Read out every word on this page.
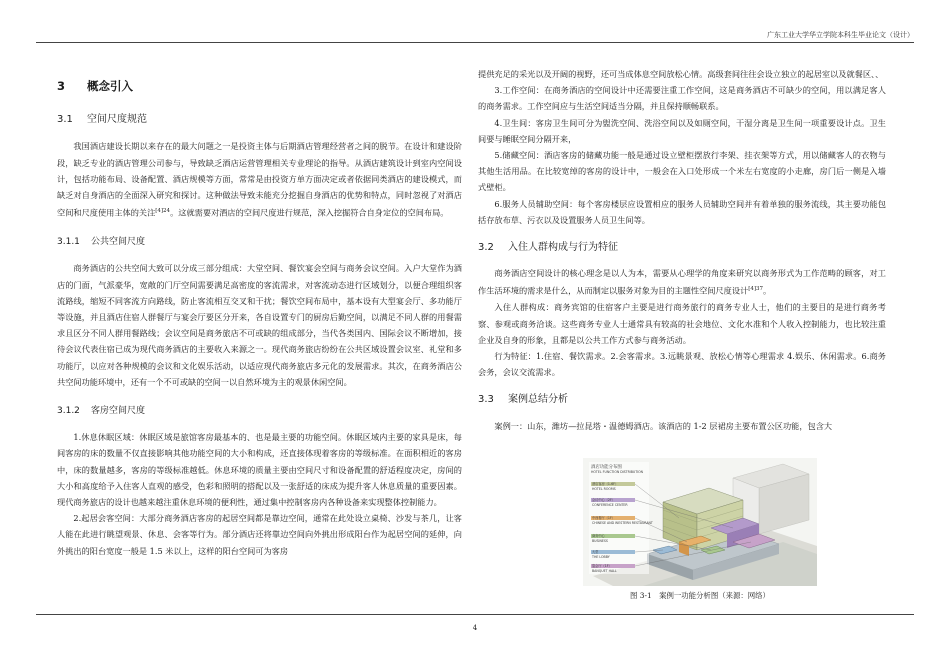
广东工业大学华立学院本科生毕业论文（设计）
3 概念引入
3.1 空间尺度规范

我国酒店建设长期以来存在的最大问题之一是投资主体与后期酒店管理经营者之间的脱节。在设计和建设阶段，缺乏专业的酒店管理公司参与，导致缺乏酒店运营管理相关专业理论的指导。从酒店建筑设计到室内空间设计，包括功能布局、设备配置、酒店规模等方面，常常是由投资方单方面决定或者依据同类酒店的建设模式，而缺乏对自身酒店的全面深入研究和探讨。这种做法导致未能充分挖掘自身酒店的优势和特点，同时忽视了对酒店空间和尺度使用主体的关注$^{[4]24}$。这就需要对酒店的空间尺度进行规范，深入挖掘符合自身定位的空间布局。

3.1.1 公共空间尺度

商务酒店的公共空间大致可以分成三部分组成：大堂空间、餐饮宴会空间与商务会议空间。入户大堂作为酒店的门面，气派豪华，宽敞的门厅空间需要满足高密度的客流需求，对客流动态进行区域划分，以便合理组织客流路线，缩短不同客流方向路线，防止客流相互交叉和干扰；餐饮空间布局中，基本设有大型宴会厅、多功能厅等设施，并且酒店住宿人群餐厅与宴会厅要区分开来，各自设置专门的厨房后勤空间，以满足不同人群的用餐需求且区分不同人群用餐路线；会议空间是商务旅店不可或缺的组成部分，当代各类国内、国际会议不断增加，接待会议代表住宿已成为现代商务酒店的主要收入来源之一。现代商务旅店纷纷在公共区域设置会议室、礼堂和多功能厅，以应对各种规模的会议和文化娱乐活动，以适应现代商务旅店多元化的发展需求。其次，在商务酒店公共空间功能环境中，还有一个不可或缺的空间一以自然环境为主的观景休闲空间。

3.1.2 客房空间尺度

1.休息休眠区域：休眠区域是旅馆客房最基本的、也是最主要的功能空间。休眠区域内主要的家具是床，每间客房的床的数量不仅直接影响其他功能空间的大小和构成，还直接体现着客房的等级标准。在面积相近的客房中，床的数量越多，客房的等级标准越低。休息环境的质量主要由空间尺寸和设备配置的舒适程度决定，房间的大小和高度给予入住客人直观的感受，色彩和照明的搭配以及一张舒适的床成为提升客人休息质量的重要因素。现代商务旅店的设计也越来越注重休息环境的便利性，通过集中控制客房内各种设备来实现整体控制能力。

2.起居会客空间：大部分商务酒店客房的起居空间都是靠边空间，通常在此处设立桌椅、沙发与茶几，让客人能在此进行眺望观景、休息、会客等行为。部分酒店还将靠边空间向外挑出形成阳台作为起居空间的延伸，向外挑出的阳台宽度一般是 1.5 米以上，这样的阳台空间可为客房

提供充足的采光以及开阔的视野，还可当成体息空间放松心情。高级套间往往会设立独立的起居室以及就餐区、、

3.工作空间：在商务酒店的空间设计中还需要注重工作空间，这是商务酒店不可缺少的空间，用以满足客人的商务需求。工作空间应与生活空间适当分隔，并且保持顺畅联系。

4.卫生间：客房卫生间可分为盥洗空间、洗浴空间以及如厕空间，干湿分离是卫生间一项重要设计点。卫生间要与睡眠空间分隔开来，

5.储藏空间：酒店客房的储藏功能一般是通过设立壁柜摆放行李架、挂衣架等方式，用以储藏客人的衣物与其他生活用品。在比较宽绰的客房的设计中，一般会在入口处形成一个米左右宽度的小走廊，房门后一侧是入墙式壁柜。

6.服务人员辅助空间：每个客房楼层应设置相应的服务人员辅助空间并有着单独的服务流线，其主要功能包括存放布草、污衣以及设置服务人员卫生间等。

3.2 入住人群构成与行为特征

商务酒店空间设计的核心理念是以人为本，需要从心理学的角度来研究以商务形式为工作范畴的顾客，对工作生活环境的需求是什么，从而制定以服务对象为目的主题性空间尺度设计$^{[4]37}$。

入住人群构成：商务宾馆的住宿客户主要是进行商务旅行的商务专业人士，他们的主要目的是进行商务考察、参观或商务洽谈。这些商务专业人士通常具有较高的社会地位、文化水准和个人收入控制能力，也比较注重企业及自身的形象，且都是以公共工作方式参与商务活动。

行为特征：1.住宿、餐饮需求。2.会客需求。3.远眺景观、放松心情等心理需求 4.娱乐、休闲需求。6.商务会务，会议交流需求。

3.3 案例总结分析

案例一：山东，潍坊—拉昆塔・温德姆酒店。该酒店的 1-2 层裙房主要布置公区功能，包含大

酒店功能分布图
HOTEL FUNCTION DISTRIBUTION
酒店客房（1-6F）
HOTEL ROOMS
会议中心（2F）
CONFERENCE CENTER
中西餐厅（1F）
CHINESE AND WESTERN RESTAURANT
商务中心
BUSINESS
大堂
THE LOBBY
宴会厅（1F）
BANQUET HALL
图 3-1　案例一功能分析图（来源：网络）
4
